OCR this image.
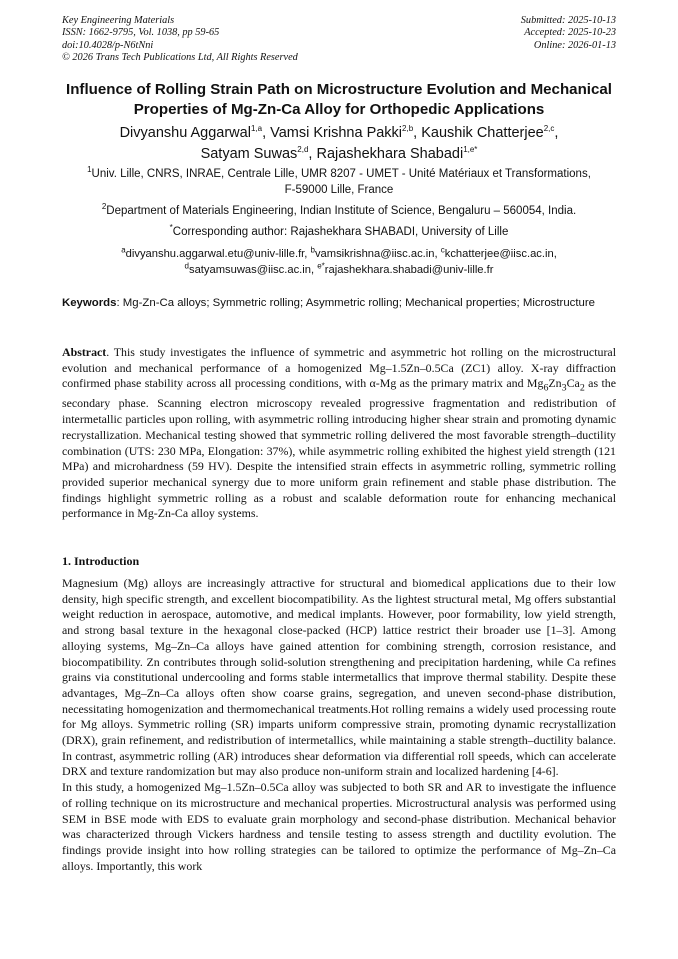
Key Engineering Materials
ISSN: 1662-9795, Vol. 1038, pp 59-65
doi:10.4028/p-N6tNni
© 2026 Trans Tech Publications Ltd, All Rights Reserved
Submitted: 2025-10-13
Accepted: 2025-10-23
Online: 2026-01-13
Influence of Rolling Strain Path on Microstructure Evolution and Mechanical Properties of Mg-Zn-Ca Alloy for Orthopedic Applications
Divyanshu Aggarwal$^{1,a}$, Vamsi Krishna Pakki$^{2,b}$, Kaushik Chatterjee$^{2,c}$,
Satyam Suwas$^{2,d}$, Rajashekhara Shabadi$^{1,e*}$
$^1$Univ. Lille, CNRS, INRAE, Centrale Lille, UMR 8207 - UMET - Unité Matériaux et Transformations,
F-59000 Lille, France
$^2$Department of Materials Engineering, Indian Institute of Science, Bengaluru – 560054, India.
*Corresponding author: Rajashekhara SHABADI, University of Lille
$^a$divyanshu.aggarwal.etu@univ-lille.fr, $^b$vamsikrishna@iisc.ac.in, $^c$kchatterjee@iisc.ac.in,
$^d$satyamsuwas@iisc.ac.in, $^{e*}$rajashekhara.shabadi@univ-lille.fr
Keywords: Mg-Zn-Ca alloys; Symmetric rolling; Asymmetric rolling; Mechanical properties; Microstructure
Abstract. This study investigates the influence of symmetric and asymmetric hot rolling on the microstructural evolution and mechanical performance of a homogenized Mg–1.5Zn–0.5Ca (ZC1) alloy. X-ray diffraction confirmed phase stability across all processing conditions, with α-Mg as the primary matrix and $Mg_6Zn_3Ca_2$ as the secondary phase. Scanning electron microscopy revealed progressive fragmentation and redistribution of intermetallic particles upon rolling, with asymmetric rolling introducing higher shear strain and promoting dynamic recrystallization. Mechanical testing showed that symmetric rolling delivered the most favorable strength–ductility combination (UTS: 230 MPa, Elongation: 37%), while asymmetric rolling exhibited the highest yield strength (121 MPa) and microhardness (59 HV). Despite the intensified strain effects in asymmetric rolling, symmetric rolling provided superior mechanical synergy due to more uniform grain refinement and stable phase distribution. The findings highlight symmetric rolling as a robust and scalable deformation route for enhancing mechanical performance in Mg-Zn-Ca alloy systems.
1. Introduction

Magnesium (Mg) alloys are increasingly attractive for structural and biomedical applications due to their low density, high specific strength, and excellent biocompatibility. As the lightest structural metal, Mg offers substantial weight reduction in aerospace, automotive, and medical implants. However, poor formability, low yield strength, and strong basal texture in the hexagonal close-packed (HCP) lattice restrict their broader use [1–3]. Among alloying systems, Mg–Zn–Ca alloys have gained attention for combining strength, corrosion resistance, and biocompatibility. Zn contributes through solid-solution strengthening and precipitation hardening, while Ca refines grains via constitutional undercooling and forms stable intermetallics that improve thermal stability. Despite these advantages, Mg–Zn–Ca alloys often show coarse grains, segregation, and uneven second-phase distribution, necessitating homogenization and thermomechanical treatments.Hot rolling remains a widely used processing route for Mg alloys. Symmetric rolling (SR) imparts uniform compressive strain, promoting dynamic recrystallization (DRX), grain refinement, and redistribution of intermetallics, while maintaining a stable strength–ductility balance. In contrast, asymmetric rolling (AR) introduces shear deformation via differential roll speeds, which can accelerate DRX and texture randomization but may also produce non-uniform strain and localized hardening [4-6].

In this study, a homogenized Mg–1.5Zn–0.5Ca alloy was subjected to both SR and AR to investigate the influence of rolling technique on its microstructure and mechanical properties. Microstructural analysis was performed using SEM in BSE mode with EDS to evaluate grain morphology and second-phase distribution. Mechanical behavior was characterized through Vickers hardness and tensile testing to assess strength and ductility evolution. The findings provide insight into how rolling strategies can be tailored to optimize the performance of Mg–Zn–Ca alloys. Importantly, this work
